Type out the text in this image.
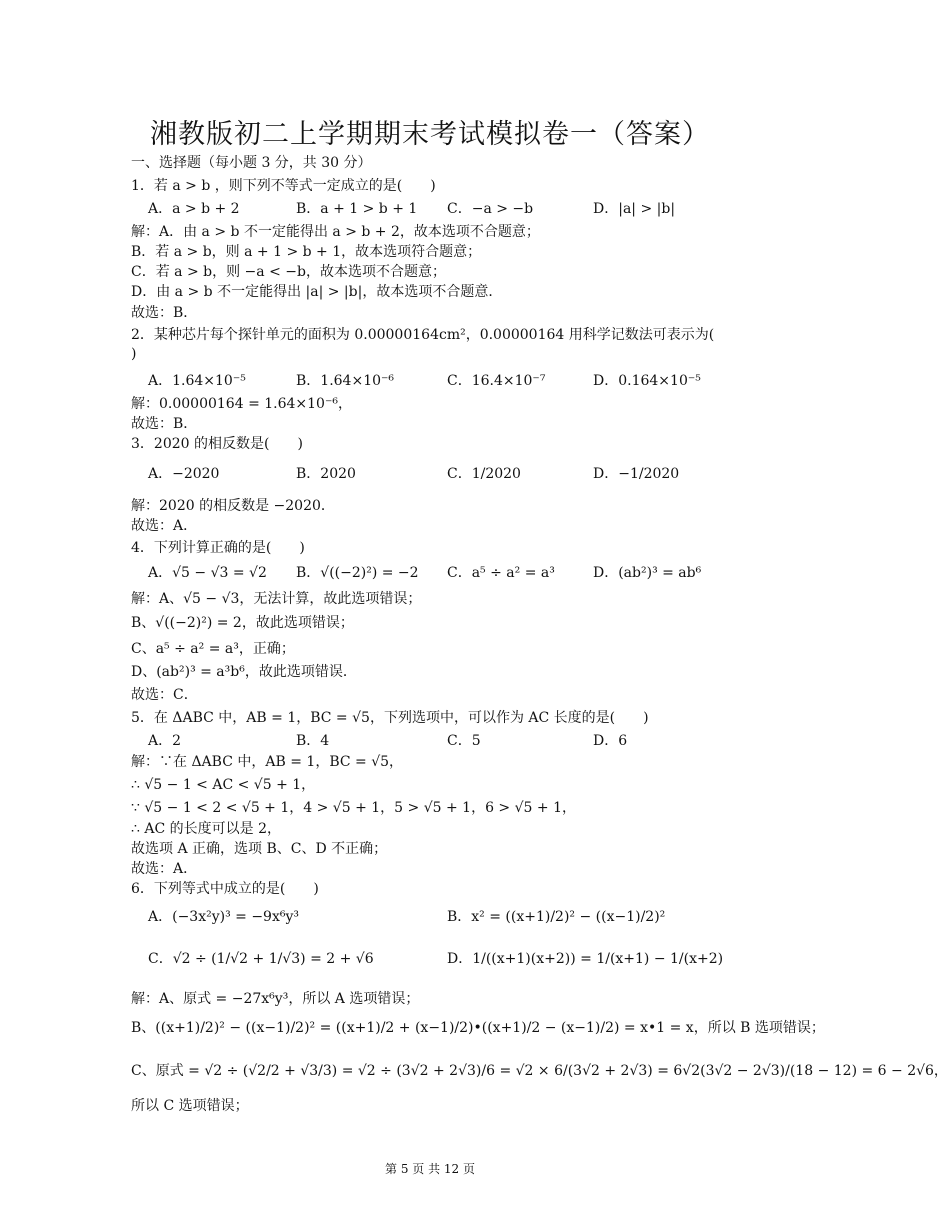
湘教版初二上学期期末考试模拟卷一（答案）
一、选择题（每小题 3 分，共 30 分）
1．若 a > b ，则下列不等式一定成立的是(　　)
解：A．由 a > b 不一定能得出 a > b + 2，故本选项不合题意；
B．若 a > b，则 a + 1 > b + 1，故本选项符合题意；
C．若 a > b，则 −a < −b，故本选项不合题意；
D．由 a > b 不一定能得出 |a| > |b|，故本选项不合题意．
故选：B．
2．某种芯片每个探针单元的面积为 0.00000164cm²，0.00000164 用科学记数法可表示为(
)
解：0.00000164 = 1.64×10⁻⁶，
故选：B．
3．2020 的相反数是(　　)
解：2020 的相反数是 −2020．
故选：A．
4．下列计算正确的是(　　)
解：A、√5 − √3，无法计算，故此选项错误；
B、√((−2)²) = 2，故此选项错误；
C、a⁵ ÷ a² = a³，正确；
D、(ab²)³ = a³b⁶，故此选项错误．
故选：C．
5．在 ΔABC 中，AB = 1，BC = √5，下列选项中，可以作为 AC 长度的是(　　)
解：∵在 ΔABC 中，AB = 1，BC = √5，
∴ √5 − 1 < AC < √5 + 1，
∵ √5 − 1 < 2 < √5 + 1，4 > √5 + 1，5 > √5 + 1，6 > √5 + 1，
∴ AC 的长度可以是 2，
故选项 A 正确，选项 B、C、D 不正确；
故选：A．
6．下列等式中成立的是(　　)
解：A、原式 = −27x⁶y³，所以 A 选项错误；
B、((x+1)/2)² − ((x−1)/2)² = ((x+1)/2 + (x−1)/2)•((x+1)/2 − (x−1)/2) = x•1 = x，所以 B 选项错误；
C、原式 = √2 ÷ (√2/2 + √3/3) = √2 ÷ (3√2 + 2√3)/6 = √2 × 6/(3√2 + 2√3) = 6√2(3√2 − 2√3)/(18 − 12) = 6 − 2√6，
所以 C 选项错误；
A．a > b + 2	B．a + 1 > b + 1 C．−a > −b	D．|a| > |b|
A．1.64×10⁻⁵	B．1.64×10⁻⁶	C．16.4×10⁻⁷	D．0.164×10⁻⁵
A．−2020	B．2020	C．1/2020	D．−1/2020
A．√5 − √3 = √2 B．√((−2)²) = −2 C．a⁵ ÷ a² = a³	D．(ab²)³ = ab⁶
A．2	B．4	C．5	D．6
A．(−3x²y)³ = −9x⁶y³	B．x² = ((x+1)/2)² − ((x−1)/2)²
C．√2 ÷ (1/√2 + 1/√3) = 2 + √6	D．1/((x+1)(x+2)) = 1/(x+1) − 1/(x+2)
第 5 页 共 12 页
